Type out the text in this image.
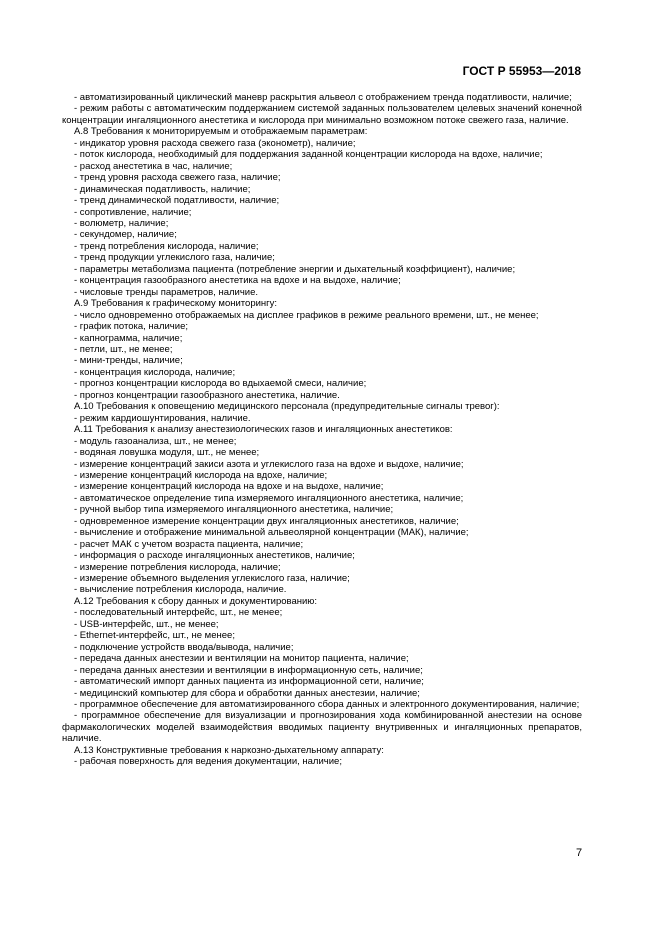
ГОСТ Р 55953—2018
- автоматизированный циклический маневр раскрытия альвеол с отображением тренда податливости, наличие;
- режим работы с автоматическим поддержанием системой заданных пользователем целевых значений конечной концентрации ингаляционного анестетика и кислорода при минимально возможном потоке свежего газа, наличие.
А.8 Требования к мониторируемым и отображаемым параметрам:
- индикатор уровня расхода свежего газа (эконометр), наличие;
- поток кислорода, необходимый для поддержания заданной концентрации кислорода на вдохе, наличие;
- расход анестетика в час, наличие;
- тренд уровня расхода свежего газа, наличие;
- динамическая податливость, наличие;
- тренд динамической податливости, наличие;
- сопротивление, наличие;
- волюметр, наличие;
- секундомер, наличие;
- тренд потребления кислорода, наличие;
- тренд продукции углекислого газа, наличие;
- параметры метаболизма пациента (потребление энергии и дыхательный коэффициент), наличие;
- концентрация газообразного анестетика на вдохе и на выдохе, наличие;
- числовые тренды параметров, наличие.
А.9 Требования к графическому мониторингу:
- число одновременно отображаемых на дисплее графиков в режиме реального времени, шт., не менее;
- график потока, наличие;
- капнограмма, наличие;
- петли, шт., не менее;
- мини-тренды, наличие;
- концентрация кислорода, наличие;
- прогноз концентрации кислорода во вдыхаемой смеси, наличие;
- прогноз концентрации газообразного анестетика, наличие.
А.10 Требования к оповещению медицинского персонала (предупредительные сигналы тревог):
- режим кардиошунтирования, наличие.
А.11 Требования к анализу анестезиологических газов и ингаляционных анестетиков:
- модуль газоанализа, шт., не менее;
- водяная ловушка модуля, шт., не менее;
- измерение концентраций закиси азота и углекислого газа на вдохе и выдохе, наличие;
- измерение концентраций кислорода на вдохе, наличие;
- измерение концентраций кислорода на вдохе и на выдохе, наличие;
- автоматическое определение типа измеряемого ингаляционного анестетика, наличие;
- ручной выбор типа измеряемого ингаляционного анестетика, наличие;
- одновременное измерение концентрации двух ингаляционных анестетиков, наличие;
- вычисление и отображение минимальной альвеолярной концентрации (МАК), наличие;
- расчет МАК с учетом возраста пациента, наличие;
- информация о расходе ингаляционных анестетиков, наличие;
- измерение потребления кислорода, наличие;
- измерение объемного выделения углекислого газа, наличие;
- вычисление потребления кислорода, наличие.
А.12 Требования к сбору данных и документированию:
- последовательный интерфейс, шт., не менее;
- USB-интерфейс, шт., не менее;
- Ethernet-интерфейс, шт., не менее;
- подключение устройств ввода/вывода, наличие;
- передача данных анестезии и вентиляции на монитор пациента, наличие;
- передача данных анестезии и вентиляции в информационную сеть, наличие;
- автоматический импорт данных пациента из информационной сети, наличие;
- медицинский компьютер для сбора и обработки данных анестезии, наличие;
- программное обеспечение для автоматизированного сбора данных и электронного документирования, наличие;
- программное обеспечение для визуализации и прогнозирования хода комбинированной анестезии на основе фармакологических моделей взаимодействия вводимых пациенту внутривенных и ингаляционных препаратов, наличие.
А.13 Конструктивные требования к наркозно-дыхательному аппарату:
- рабочая поверхность для ведения документации, наличие;
7
